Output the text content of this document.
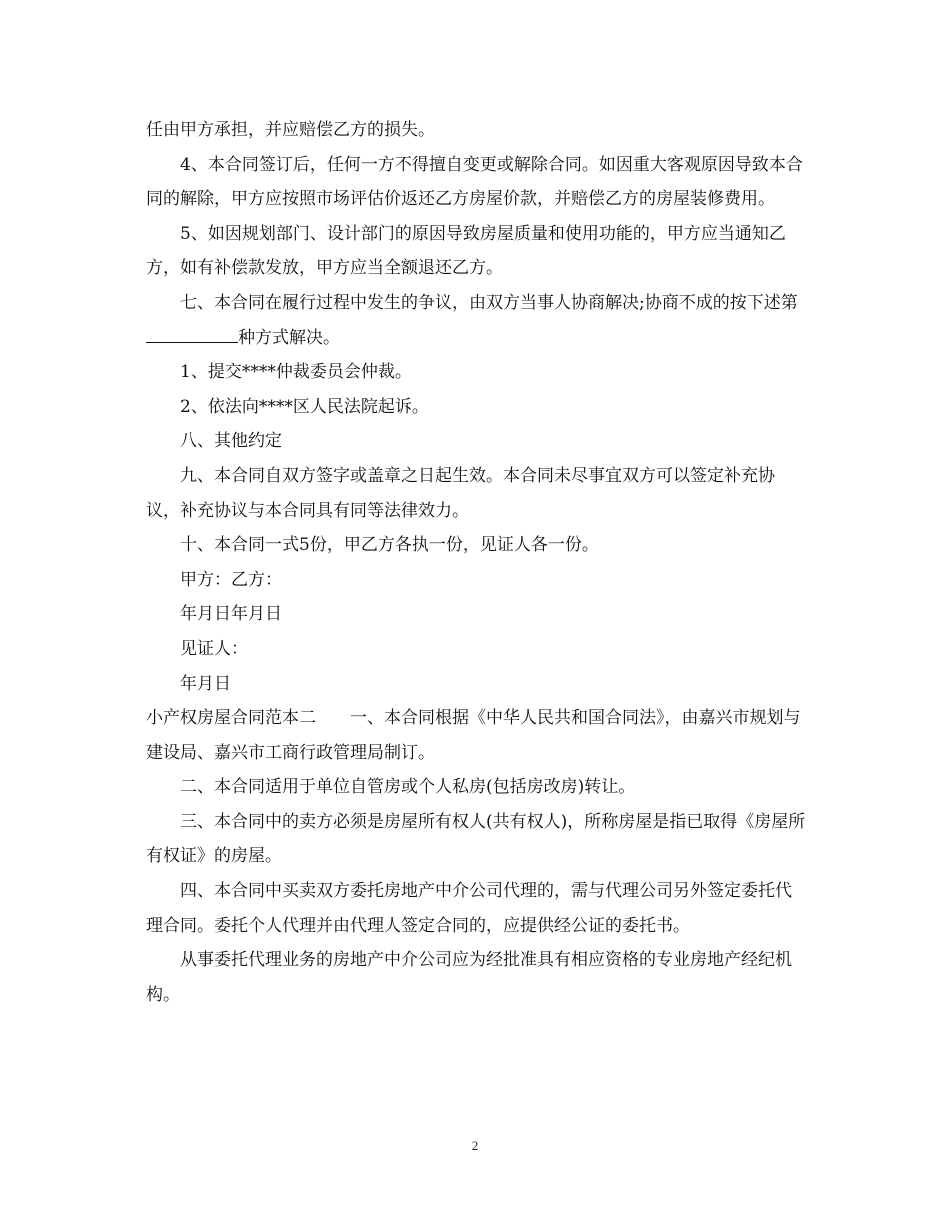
任由甲方承担，并应赔偿乙方的损失。

4、本合同签订后，任何一方不得擅自变更或解除合同。如因重大客观原因导致本合同的解除，甲方应按照市场评估价返还乙方房屋价款，并赔偿乙方的房屋装修费用。

5、如因规划部门、设计部门的原因导致房屋质量和使用功能的，甲方应当通知乙方，如有补偿款发放，甲方应当全额退还乙方。

七、本合同在履行过程中发生的争议，由双方当事人协商解决;协商不成的按下述第种方式解决。

1、提交****仲裁委员会仲裁。

2、依法向****区人民法院起诉。

八、其他约定

九、本合同自双方签字或盖章之日起生效。本合同未尽事宜双方可以签定补充协议，补充协议与本合同具有同等法律效力。

十、本合同一式5份，甲乙方各执一份，见证人各一份。

甲方：乙方：

年月日年月日

见证人：

年月日

小产权房屋合同范本二 一、本合同根据《中华人民共和国合同法》，由嘉兴市规划与建设局、嘉兴市工商行政管理局制订。

二、本合同适用于单位自管房或个人私房(包括房改房)转让。

三、本合同中的卖方必须是房屋所有权人(共有权人)，所称房屋是指已取得《房屋所有权证》的房屋。

四、本合同中买卖双方委托房地产中介公司代理的，需与代理公司另外签定委托代理合同。委托个人代理并由代理人签定合同的，应提供经公证的委托书。

从事委托代理业务的房地产中介公司应为经批准具有相应资格的专业房地产经纪机构。

2
